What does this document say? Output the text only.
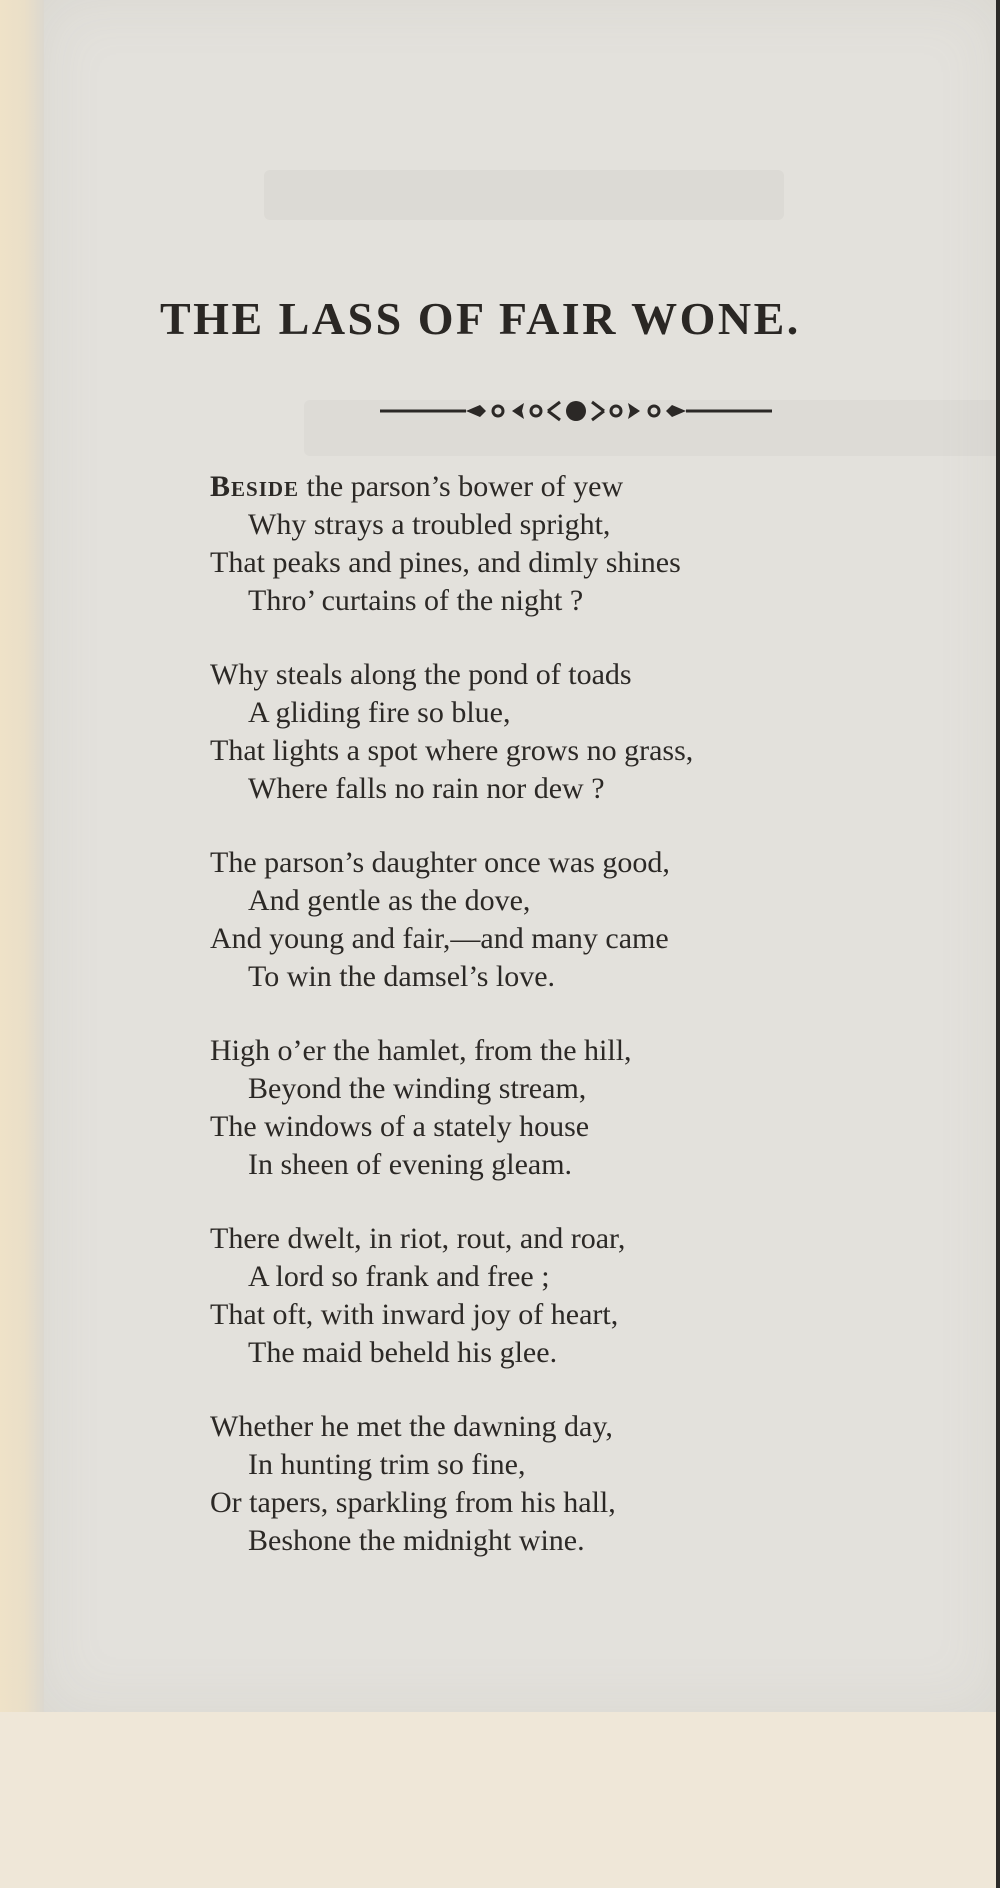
THE LASS OF FAIR WONE.
Beside the parson’s bower of yew
Why strays a troubled spright,
That peaks and pines, and dimly shines
Thro’ curtains of the night ?
Why steals along the pond of toads
A gliding fire so blue,
That lights a spot where grows no grass,
Where falls no rain nor dew ?
The parson’s daughter once was good,
And gentle as the dove,
And young and fair,—and many came
To win the damsel’s love.
High o’er the hamlet, from the hill,
Beyond the winding stream,
The windows of a stately house
In sheen of evening gleam.
There dwelt, in riot, rout, and roar,
A lord so frank and free ;
That oft, with inward joy of heart,
The maid beheld his glee.
Whether he met the dawning day,
In hunting trim so fine,
Or tapers, sparkling from his hall,
Beshone the midnight wine.
